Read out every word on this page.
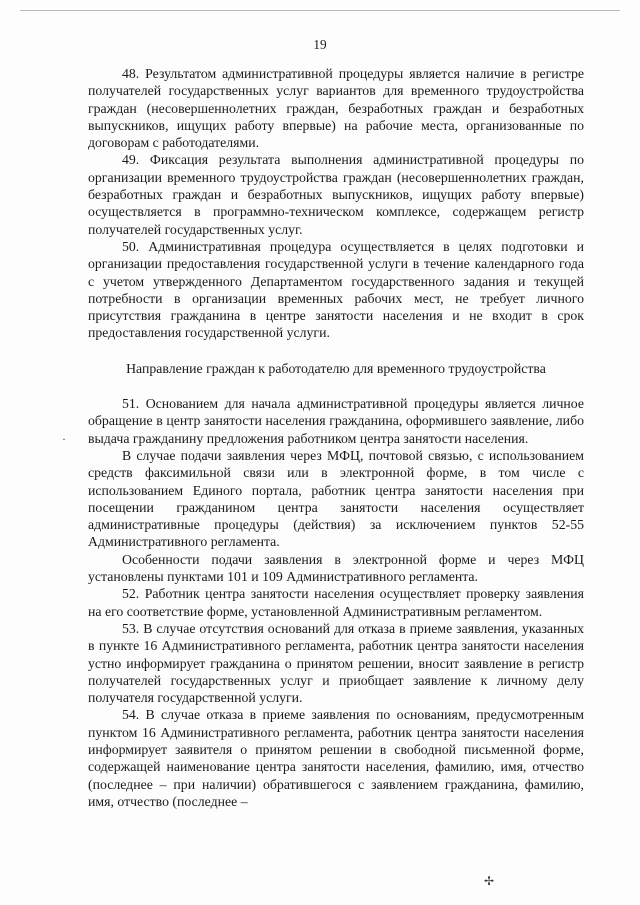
19

48. Результатом административной процедуры является наличие в регистре получателей государственных услуг вариантов для временного трудоустройства граждан (несовершеннолетних граждан, безработных граждан и безработных выпускников, ищущих работу впервые) на рабочие места, организованные по договорам с работодателями.

49. Фиксация результата выполнения административной процедуры по организации временного трудоустройства граждан (несовершеннолетних граждан, безработных граждан и безработных выпускников, ищущих работу впервые) осуществляется в программно-техническом комплексе, содержащем регистр получателей государственных услуг.

50. Административная процедура осуществляется в целях подготовки и организации предоставления государственной услуги в течение календарного года с учетом утвержденного Департаментом государственного задания и текущей потребности в организации временных рабочих мест, не требует личного присутствия гражданина в центре занятости населения и не входит в срок предоставления государственной услуги.

Направление граждан к работодателю для временного трудоустройства

51. Основанием для начала административной процедуры является личное обращение в центр занятости населения гражданина, оформившего заявление, либо выдача гражданину предложения работником центра занятости населения.

В случае подачи заявления через МФЦ, почтовой связью, с использованием средств факсимильной связи или в электронной форме, в том числе с использованием Единого портала, работник центра занятости населения при посещении гражданином центра занятости населения осуществляет административные процедуры (действия) за исключением пунктов 52-55 Административного регламента.

Особенности подачи заявления в электронной форме и через МФЦ установлены пунктами 101 и 109 Административного регламента.

52. Работник центра занятости населения осуществляет проверку заявления на его соответствие форме, установленной Административным регламентом.

53. В случае отсутствия оснований для отказа в приеме заявления, указанных в пункте 16 Административного регламента, работник центра занятости населения устно информирует гражданина о принятом решении, вносит заявление в регистр получателей государственных услуг и приобщает заявление к личному делу получателя государственной услуги.

54. В случае отказа в приеме заявления по основаниям, предусмотренным пунктом 16 Административного регламента, работник центра занятости населения информирует заявителя о принятом решении в свободной письменной форме, содержащей наименование центра занятости населения, фамилию, имя, отчество (последнее – при наличии) обратившегося с заявлением гражданина, фамилию, имя, отчество (последнее –

·
✢
